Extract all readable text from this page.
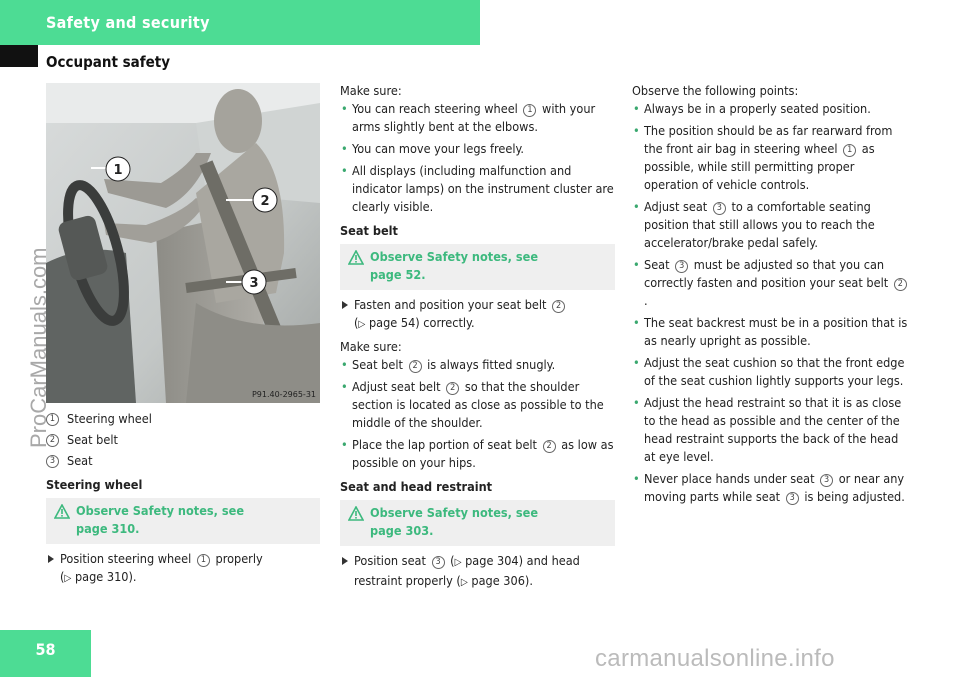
Safety and security
Occupant safety
1
2
3
P91.40-2965-31
1 Steering wheel
2 Seat belt
3 Seat

Steering wheel

Observe Safety notes, see
page 310.

Position steering wheel 1 properly
(▷ page 310).

Make sure:

• You can reach steering wheel 1 with your arms slightly bent at the elbows.

• You can move your legs freely.

• All displays (including malfunction and indicator lamps) on the instrument cluster are clearly visible.

Seat belt

Observe Safety notes, see
page 52.

Fasten and position your seat belt 2
(▷ page 54) correctly.

Make sure:

• Seat belt 2 is always fitted snugly.

• Adjust seat belt 2 so that the shoulder section is located as close as possible to the middle of the shoulder.

• Place the lap portion of seat belt 2 as low as possible on your hips.

Seat and head restraint

Observe Safety notes, see
page 303.

Position seat 3 (▷ page 304) and head restraint properly (▷ page 306).

Observe the following points:

• Always be in a properly seated position.

• The position should be as far rearward from the front air bag in steering wheel 1 as possible, while still permitting proper operation of vehicle controls.

• Adjust seat 3 to a comfortable seating position that still allows you to reach the accelerator/brake pedal safely.

• Seat 3 must be adjusted so that you can correctly fasten and position your seat belt 2.

• The seat backrest must be in a position that is as nearly upright as possible.

• Adjust the seat cushion so that the front edge of the seat cushion lightly supports your legs.

• Adjust the head restraint so that it is as close to the head as possible and the center of the head restraint supports the back of the head at eye level.

• Never place hands under seat 3 or near any moving parts while seat 3 is being adjusted.

ProCarManuals.com
58	carmanualsonline.info
